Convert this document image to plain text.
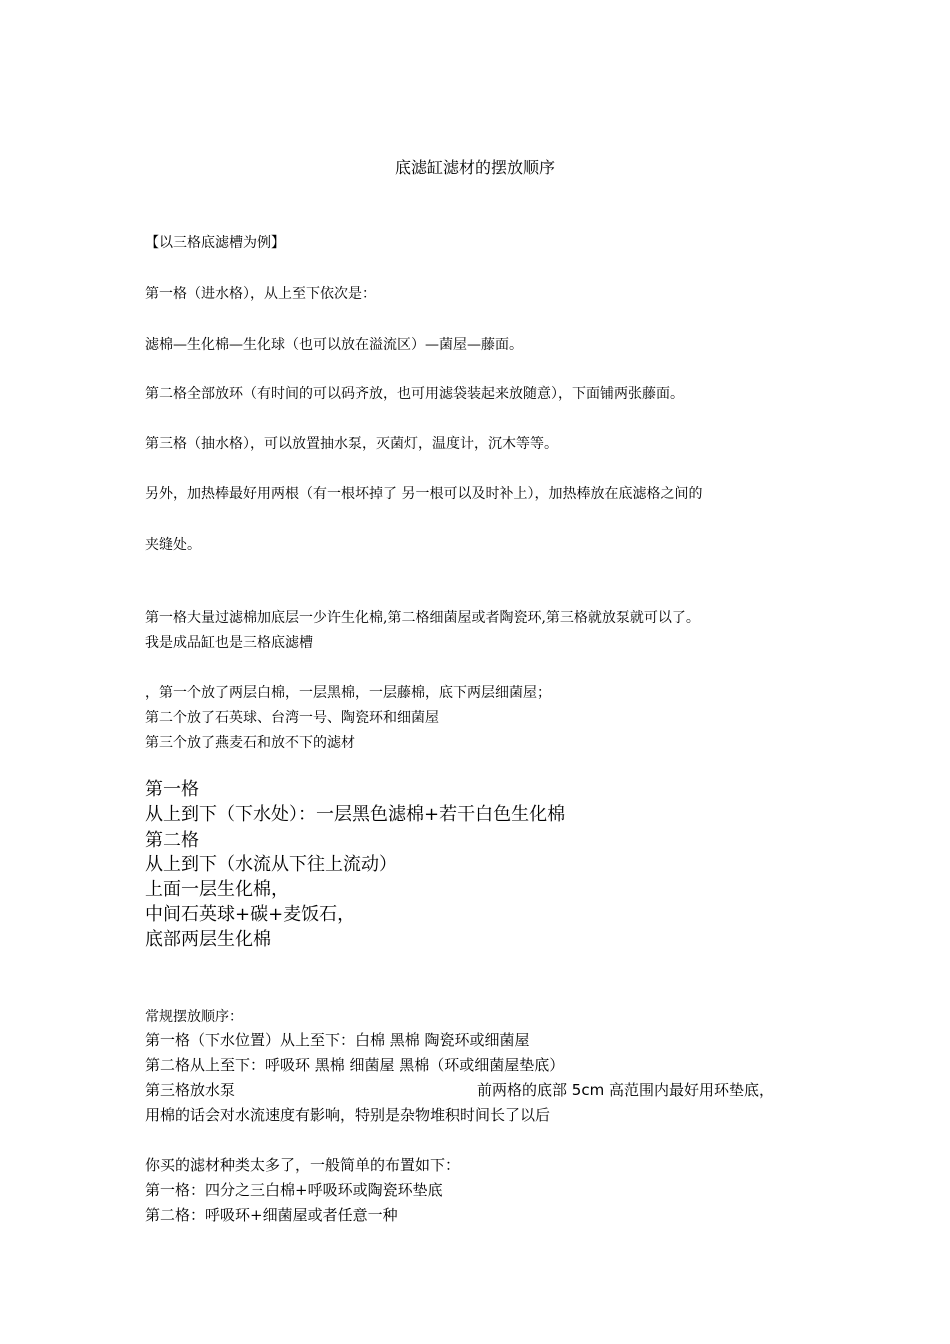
底滤缸滤材的摆放顺序
【以三格底滤槽为例】
第一格（进水格），从上至下依次是：
滤棉—生化棉—生化球（也可以放在溢流区）—菌屋—藤面。
第二格全部放环（有时间的可以码齐放，也可用滤袋装起来放随意），下面铺两张藤面。
第三格（抽水格），可以放置抽水泵，灭菌灯，温度计，沉木等等。
另外，加热棒最好用两根（有一根坏掉了 另一根可以及时补上），加热棒放在底滤格之间的
夹缝处。
第一格大量过滤棉加底层一少许生化棉,第二格细菌屋或者陶瓷环,第三格就放泵就可以了。
我是成品缸也是三格底滤槽
，第一个放了两层白棉，一层黑棉，一层藤棉，底下两层细菌屋；
第二个放了石英球、台湾一号、陶瓷环和细菌屋
第三个放了燕麦石和放不下的滤材
第一格
从上到下（下水处）：一层黑色滤棉+若干白色生化棉
第二格
从上到下（水流从下往上流动）
上面一层生化棉，
中间石英球+碳+麦饭石，
底部两层生化棉
常规摆放顺序：
第一格（下水位置）从上至下：白棉 黑棉 陶瓷环或细菌屋
第二格从上至下：呼吸环 黑棉 细菌屋 黑棉（环或细菌屋垫底）
第三格放水泵	前两格的底部 5cm 高范围内最好用环垫底，
用棉的话会对水流速度有影响，特别是杂物堆积时间长了以后
你买的滤材种类太多了，一般简单的布置如下：
第一格：四分之三白棉+呼吸环或陶瓷环垫底
第二格：呼吸环+细菌屋或者任意一种
